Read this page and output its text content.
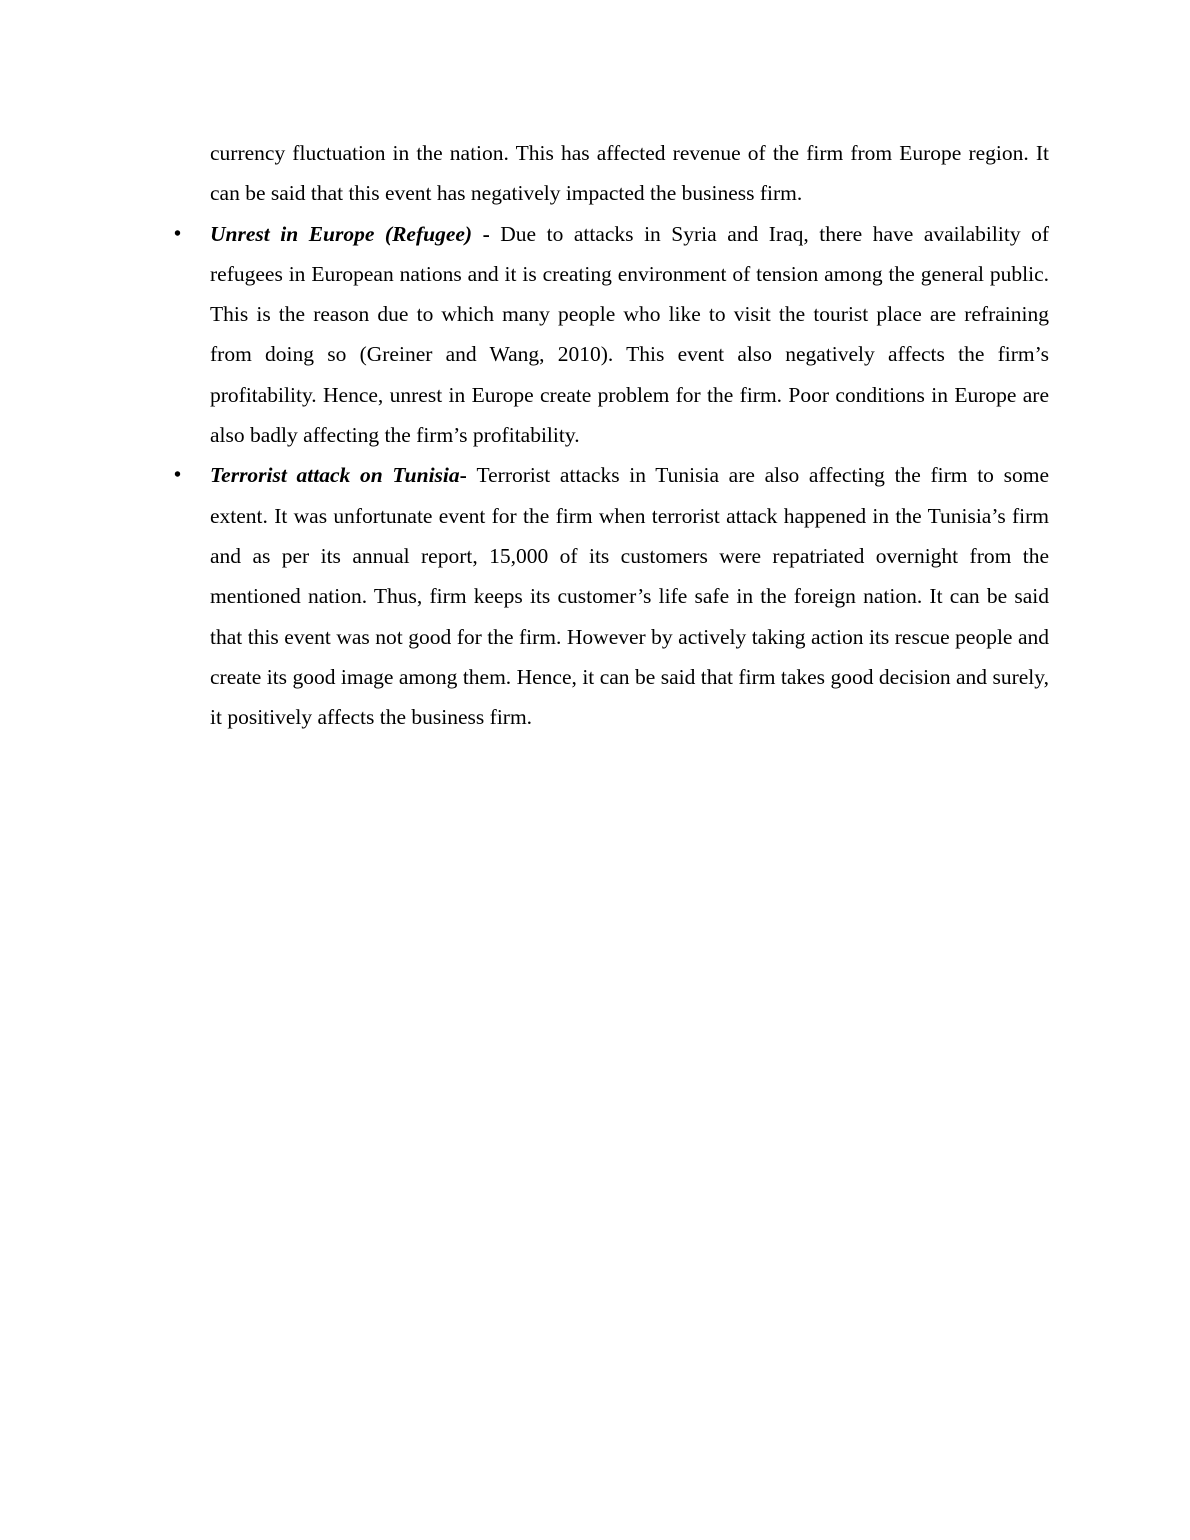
currency fluctuation in the nation. This has affected revenue of the firm from Europe region. It can be said that this event has negatively impacted the business firm.

• Unrest in Europe (Refugee) - Due to attacks in Syria and Iraq, there have availability of refugees in European nations and it is creating environment of tension among the general public. This is the reason due to which many people who like to visit the tourist place are refraining from doing so (Greiner and Wang, 2010). This event also negatively affects the firm’s profitability. Hence, unrest in Europe create problem for the firm. Poor conditions in Europe are also badly affecting the firm’s profitability.

• Terrorist attack on Tunisia- Terrorist attacks in Tunisia are also affecting the firm to some extent. It was unfortunate event for the firm when terrorist attack happened in the Tunisia’s firm and as per its annual report, 15,000 of its customers were repatriated overnight from the mentioned nation. Thus, firm keeps its customer’s life safe in the foreign nation. It can be said that this event was not good for the firm. However by actively taking action its rescue people and create its good image among them. Hence, it can be said that firm takes good decision and surely, it positively affects the business firm.
